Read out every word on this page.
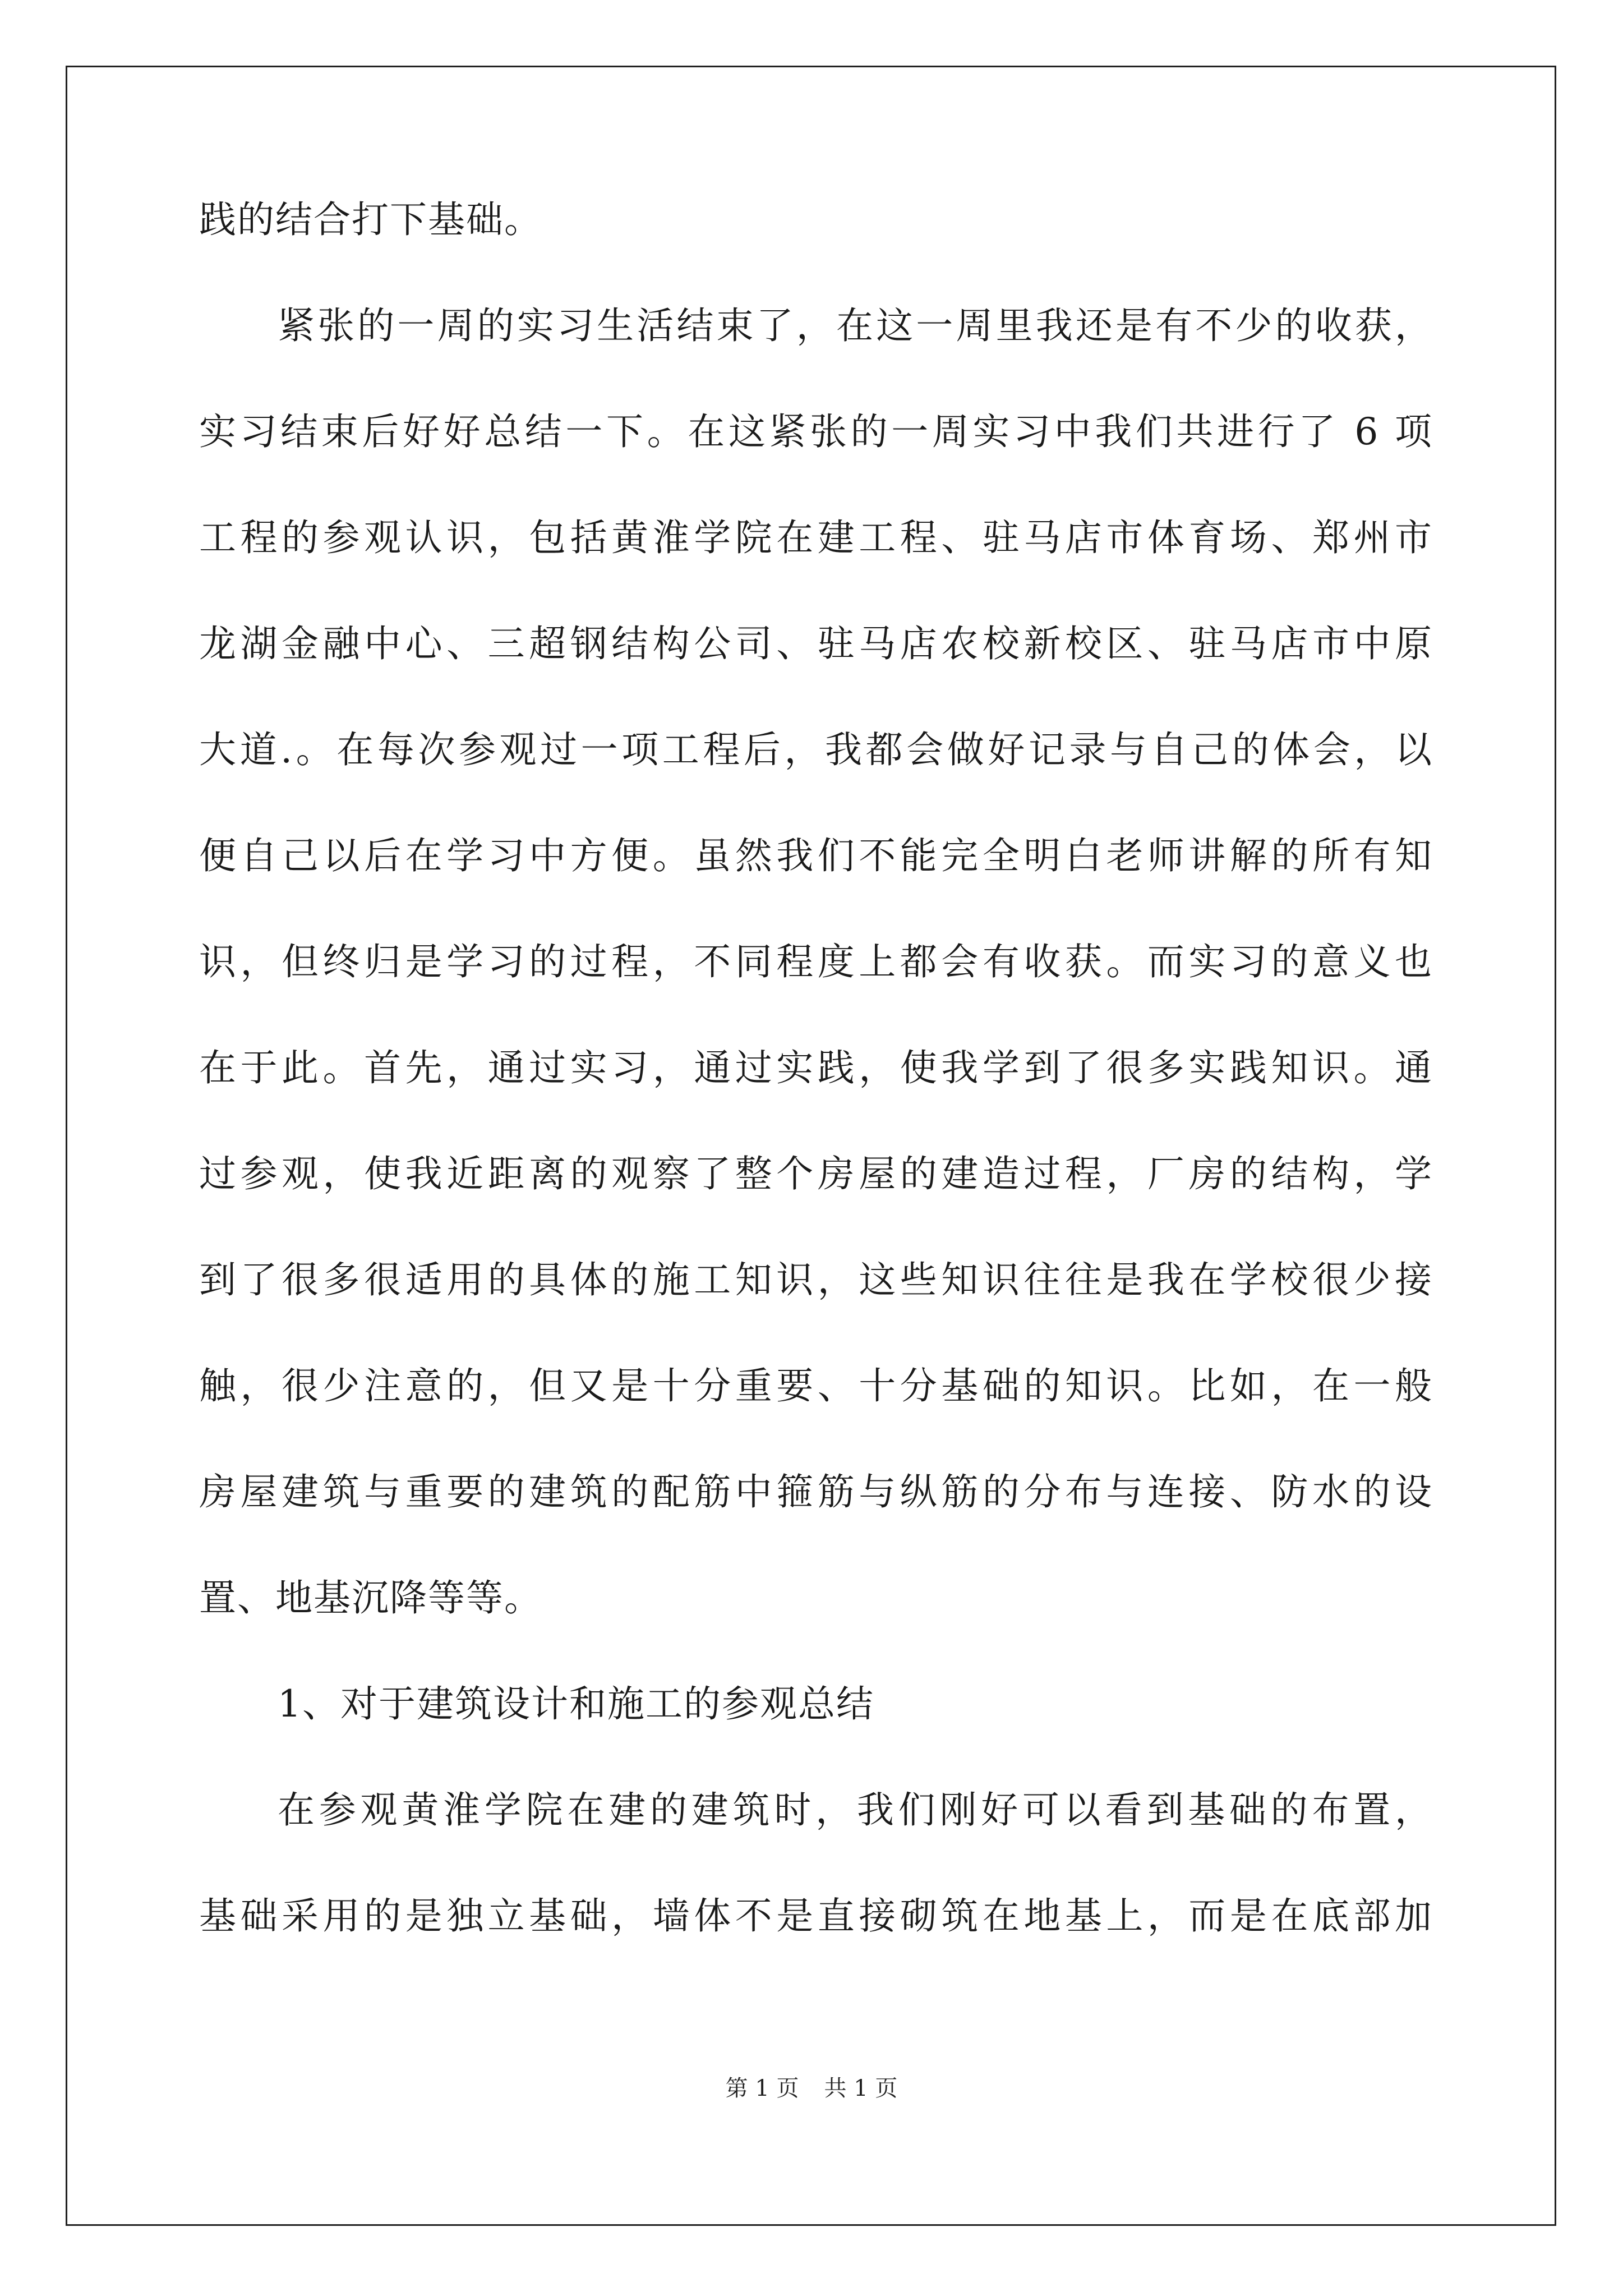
践的结合打下基础。
紧张的一周的实习生活结束了，在这一周里我还是有不少的收获，
实习结束后好好总结一下。在这紧张的一周实习中我们共进行了 6 项
工程的参观认识，包括黄淮学院在建工程、驻马店市体育场、郑州市
龙湖金融中心、三超钢结构公司、驻马店农校新校区、驻马店市中原
大道.。在每次参观过一项工程后，我都会做好记录与自己的体会，以
便自己以后在学习中方便。虽然我们不能完全明白老师讲解的所有知
识，但终归是学习的过程，不同程度上都会有收获。而实习的意义也
在于此。首先，通过实习，通过实践，使我学到了很多实践知识。通
过参观，使我近距离的观察了整个房屋的建造过程，厂房的结构，学
到了很多很适用的具体的施工知识，这些知识往往是我在学校很少接
触，很少注意的，但又是十分重要、十分基础的知识。比如，在一般
房屋建筑与重要的建筑的配筋中箍筋与纵筋的分布与连接、防水的设
置、地基沉降等等。
1、对于建筑设计和施工的参观总结
在参观黄淮学院在建的建筑时，我们刚好可以看到基础的布置，
基础采用的是独立基础，墙体不是直接砌筑在地基上，而是在底部加
第 1 页 共 1 页
